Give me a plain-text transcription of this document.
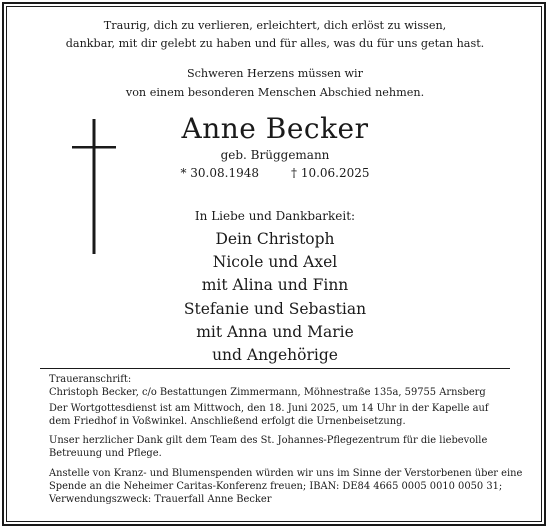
Traurig, dich zu verlieren, erleichtert, dich erlöst zu wissen,
dankbar, mit dir gelebt zu haben und für alles, was du für uns getan hast.
Schweren Herzens müssen wir
von einem besonderen Menschen Abschied nehmen.
Anne Becker
geb. Brüggemann
* 30.08.1948	† 10.06.2025
In Liebe und Dankbarkeit:
Dein Christoph
Nicole und Axel
mit Alina und Finn
Stefanie und Sebastian
mit Anna und Marie
und Angehörige

Traueranschrift:

Christoph Becker, c/o Bestattungen Zimmermann, Möhnestraße 135a, 59755 Arnsberg

Der Wortgottesdienst ist am Mittwoch, den 18. Juni 2025, um 14 Uhr in der Kapelle auf

dem Friedhof in Voßwinkel. Anschließend erfolgt die Urnenbeisetzung.

Unser herzlicher Dank gilt dem Team des St. Johannes-Pflegezentrum für die liebevolle

Betreuung und Pflege.

Anstelle von Kranz- und Blumenspenden würden wir uns im Sinne der Verstorbenen über eine

Spende an die Neheimer Caritas-Konferenz freuen; IBAN: DE84 4665 0005 0010 0050 31;

Verwendungszweck: Trauerfall Anne Becker
